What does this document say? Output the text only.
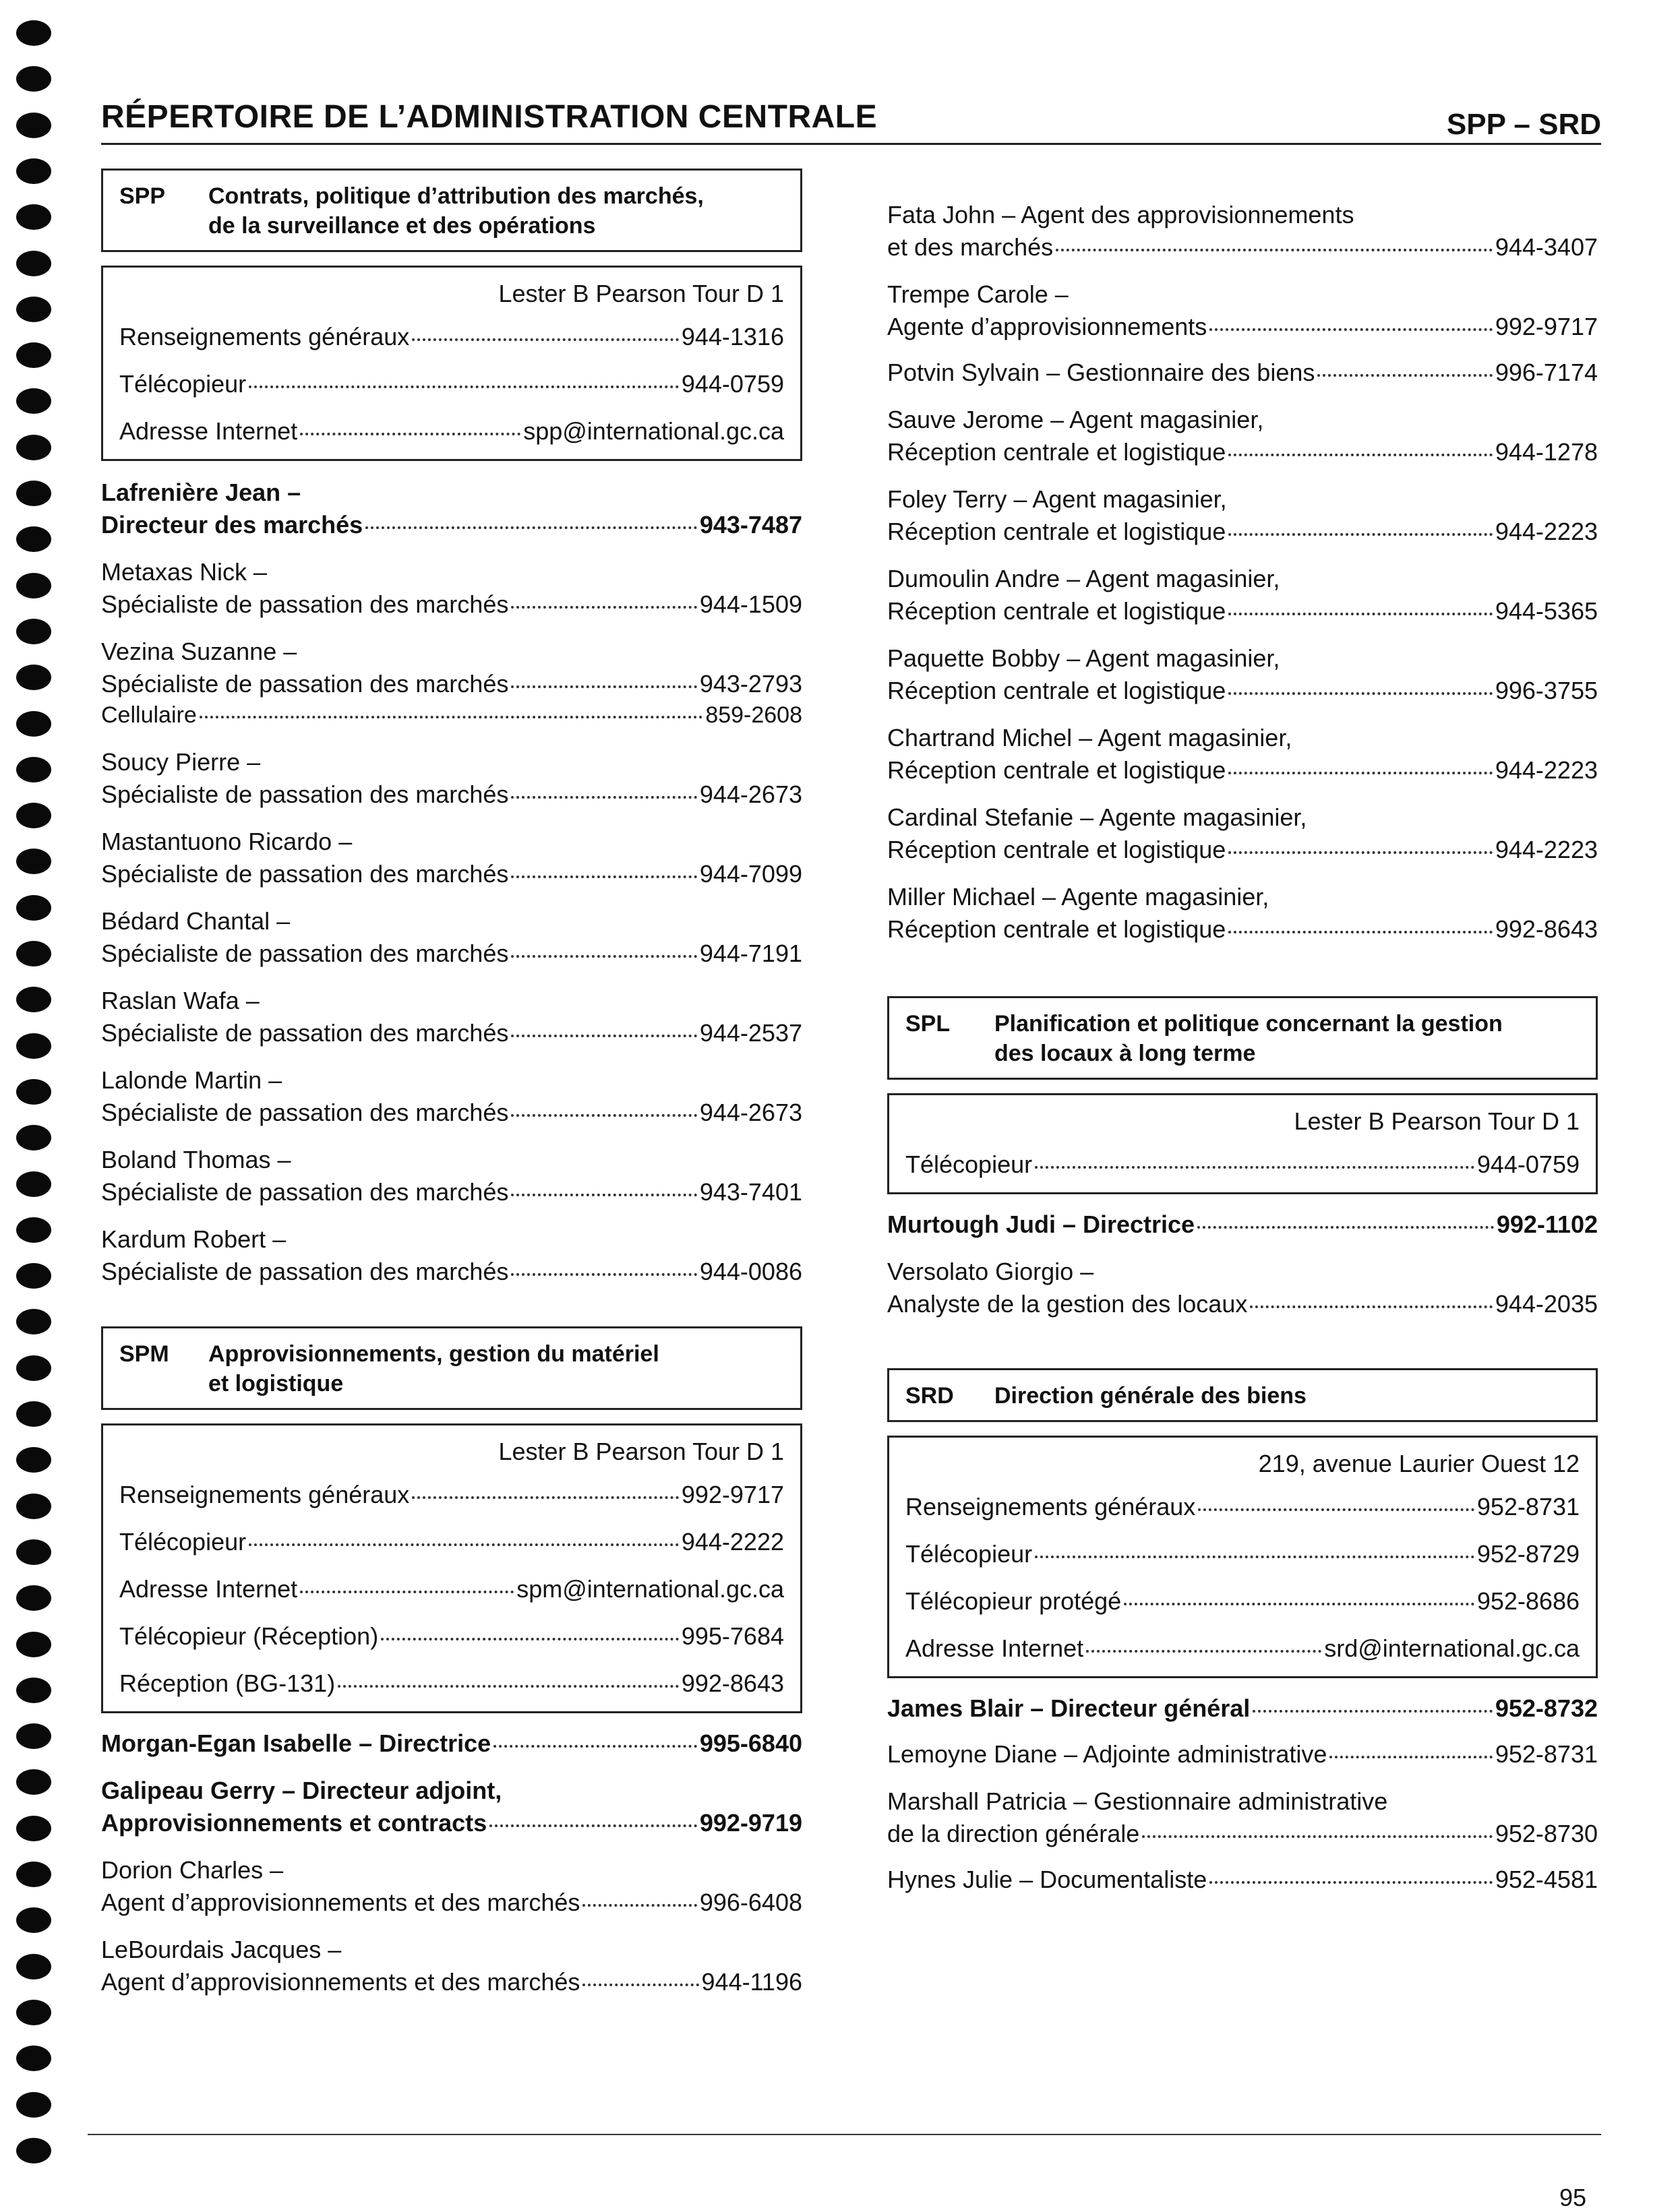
RÉPERTOIRE DE L’ADMINISTRATION CENTRALE	SPP – SRD
SPP	Contrats, politique d’attribution des marchés,
de la surveillance et des opérations
Lester B Pearson Tour D 1
Renseignements généraux	944-1316
Télécopieur	944-0759
Adresse Internet	spp@international.gc.ca
Lafrenière Jean –
Directeur des marchés	943-7487
Metaxas Nick –
Spécialiste de passation des marchés	944-1509
Vezina Suzanne –
Spécialiste de passation des marchés	943-2793
Cellulaire	859-2608
Soucy Pierre –
Spécialiste de passation des marchés	944-2673
Mastantuono Ricardo –
Spécialiste de passation des marchés	944-7099
Bédard Chantal –
Spécialiste de passation des marchés	944-7191
Raslan Wafa –
Spécialiste de passation des marchés	944-2537
Lalonde Martin –
Spécialiste de passation des marchés	944-2673
Boland Thomas –
Spécialiste de passation des marchés	943-7401
Kardum Robert –
Spécialiste de passation des marchés	944-0086
SPM	Approvisionnements, gestion du matériel
et logistique
Lester B Pearson Tour D 1
Renseignements généraux	992-9717
Télécopieur	944-2222
Adresse Internet	spm@international.gc.ca
Télécopieur (Réception)	995-7684
Réception (BG-131)	992-8643
Morgan-Egan Isabelle – Directrice	995-6840
Galipeau Gerry – Directeur adjoint,
Approvisionnements et contracts	992-9719
Dorion Charles –
Agent d’approvisionnements et des marchés	996-6408
LeBourdais Jacques –
Agent d’approvisionnements et des marchés	944-1196
Fata John – Agent des approvisionnements
et des marchés	944-3407
Trempe Carole –
Agente d’approvisionnements	992-9717
Potvin Sylvain – Gestionnaire des biens	996-7174
Sauve Jerome – Agent magasinier,
Réception centrale et logistique	944-1278
Foley Terry – Agent magasinier,
Réception centrale et logistique	944-2223
Dumoulin Andre – Agent magasinier,
Réception centrale et logistique	944-5365
Paquette Bobby – Agent magasinier,
Réception centrale et logistique	996-3755
Chartrand Michel – Agent magasinier,
Réception centrale et logistique	944-2223
Cardinal Stefanie – Agente magasinier,
Réception centrale et logistique	944-2223
Miller Michael – Agente magasinier,
Réception centrale et logistique	992-8643
SPL	Planification et politique concernant la gestion
des locaux à long terme
Lester B Pearson Tour D 1
Télécopieur	944-0759
Murtough Judi – Directrice	992-1102
Versolato Giorgio –
Analyste de la gestion des locaux	944-2035
SRD	Direction générale des biens
219, avenue Laurier Ouest 12
Renseignements généraux	952-8731
Télécopieur	952-8729
Télécopieur protégé	952-8686
Adresse Internet	srd@international.gc.ca
James Blair – Directeur général	952-8732
Lemoyne Diane – Adjointe administrative	952-8731
Marshall Patricia – Gestionnaire administrative
de la direction générale	952-8730
Hynes Julie – Documentaliste	952-4581
95
